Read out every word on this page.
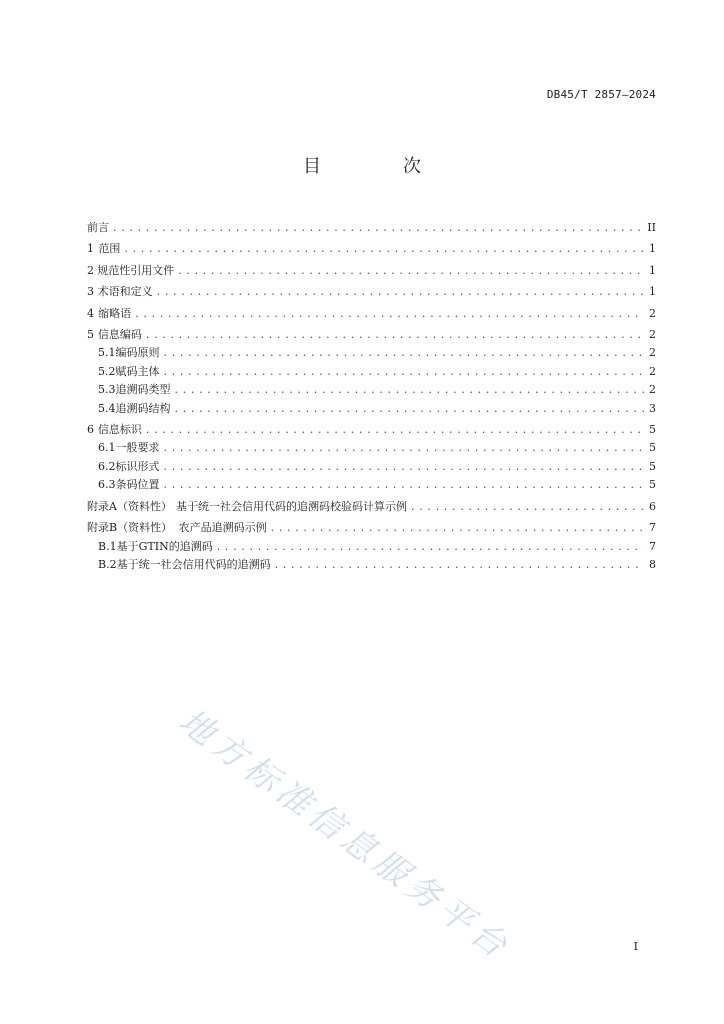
DB45/T 2857—2024
目　次
前言 . . .	II
1 范围 . . .	1
2 规范性引用文件 . . .	1
3 术语和定义 . . .	1
4 缩略语 . . .	2
5 信息编码 . . .	2
5.1 编码原则 . . .	2
5.2 赋码主体 . . .	2
5.3 追溯码类型 . . .	2
5.4 追溯码结构 . . .	3
6 信息标识 . . .	5
6.1 一般要求 . . .	5
6.2 标识形式 . . .	5
6.3 条码位置 . . .	5
附录A（资料性） 基于统一社会信用代码的追溯码校验码计算示例 . . .	6
附录B（资料性） 农产品追溯码示例 . . .	7
B.1 基于GTIN的追溯码 . . .	7
B.2 基于统一社会信用代码的追溯码 . . .	8
地方标准信息服务平台	I
